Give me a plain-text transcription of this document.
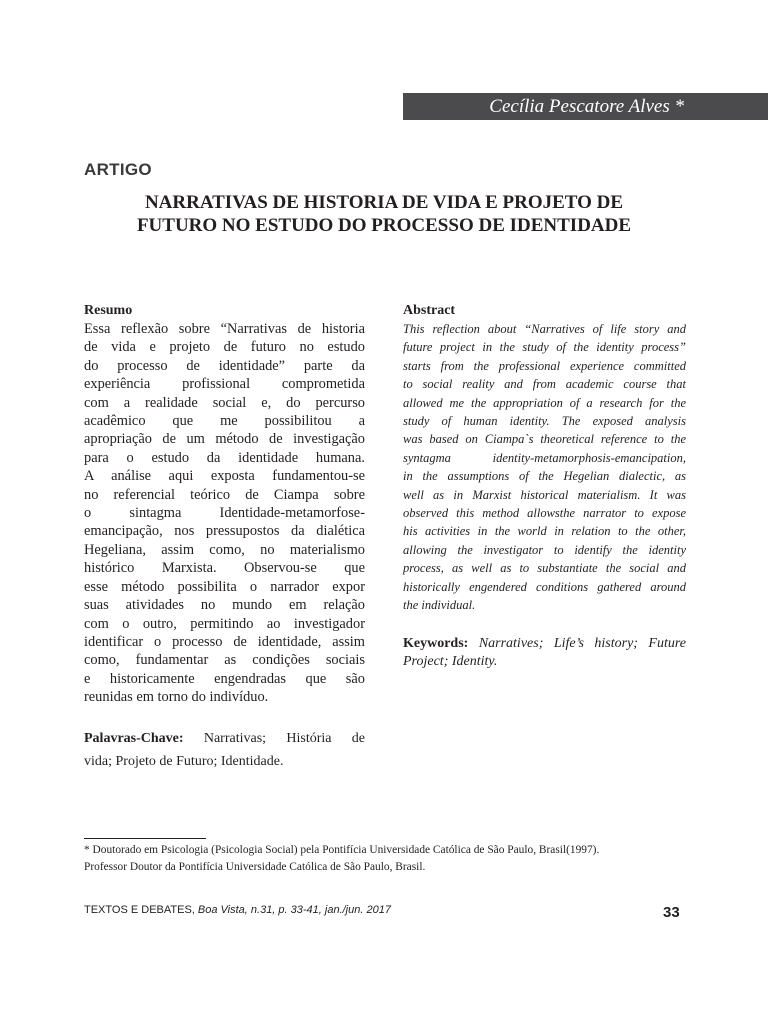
Cecília Pescatore Alves *
ARTIGO
NARRATIVAS DE HISTORIA DE VIDA E PROJETO DE
FUTURO NO ESTUDO DO PROCESSO DE IDENTIDADE
Resumo
Essa reflexão sobre “Narrativas de historia
de vida e projeto de futuro no estudo
do processo de identidade” parte da
experiência profissional comprometida
com a realidade social e, do percurso
acadêmico que me possibilitou a
apropriação de um método de investigação
para o estudo da identidade humana.
A análise aqui exposta fundamentou-se
no referencial teórico de Ciampa sobre
o sintagma Identidade-metamorfose-
emancipação, nos pressupostos da dialética
Hegeliana, assim como, no materialismo
histórico Marxista. Observou-se que
esse método possibilita o narrador expor
suas atividades no mundo em relação
com o outro, permitindo ao investigador
identificar o processo de identidade, assim
como, fundamentar as condições sociais
e historicamente engendradas que são
reunidas em torno do indivíduo.
Palavras-Chave: Narrativas; História de
vida; Projeto de Futuro; Identidade.
Abstract
This reflection about “Narratives of life story and
future project in the study of the identity process”
starts from the professional experience committed
to social reality and from academic course that
allowed me the appropriation of a research for the
study of human identity. The exposed analysis
was based on Ciampa`s theoretical reference to the
syntagma identity-metamorphosis-emancipation,
in the assumptions of the Hegelian dialectic, as
well as in Marxist historical materialism. It was
observed this method allowsthe narrator to expose
his activities in the world in relation to the other,
allowing the investigator to identify the identity
process, as well as to substantiate the social and
historically engendered conditions gathered around
the individual.
Keywords: Narratives; Life’s history; Future
Project; Identity.
* Doutorado em Psicologia (Psicologia Social) pela Pontifícia Universidade Católica de São Paulo, Brasil(1997).
Professor Doutor da Pontifícia Universidade Católica de São Paulo, Brasil.
TEXTOS E DEBATES, Boa Vista, n.31, p. 33-41, jan./jun. 2017	33
